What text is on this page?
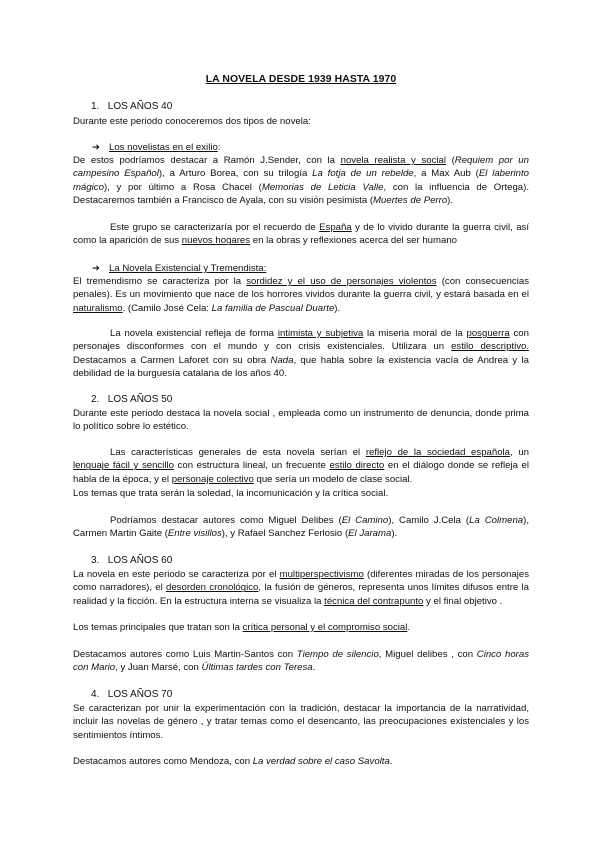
LA NOVELA DESDE 1939 HASTA 1970
1. LOS AÑOS 40
Durante este periodo conoceremos dos tipos de novela:
➔ Los novelistas en el exilio:
De estos podríamos destacar a Ramón J.Sender, con la novela realista y social (Requiem por un campesino Español), a Arturo Borea, con su trilogía La fotja de un rebelde, a Max Aub (El laberinto mágico), y por último a Rosa Chacel (Memorias de Leticia Valle, con la influencia de Ortega). Destacaremos también a Francisco de Ayala, con su visión pesimista (Muertes de Perro).
Este grupo se caracterizaría por el recuerdo de España y de lo vivido durante la guerra civil, así como la aparición de sus nuevos hogares en la obras y reflexiones acerca del ser humano
➔ La Novela Existencial y Tremendista:
El tremendismo se caracteriza por la sordidez y el uso de personajes violentos (con consecuencias penales). Es un movimiento que nace de los horrores vividos durante la guerra civil, y estará basada en el naturalismo. (Camilo José Cela: La familia de Pascual Duarte).
La novela existencial refleja de forma intimista y subjetiva la miseria moral de la posguerra con personajes disconformes con el mundo y con crisis existenciales. Utilizara un estilo descriptivo. Destacamos a Carmen Laforet con su obra Nada, que habla sobre la existencia vacía de Andrea y la debilidad de la burguesía catalana de los años 40.
2. LOS AÑOS 50
Durante este periodo destaca la novela social , empleada como un instrumento de denuncia, donde prima lo político sobre lo estético.

Las características generales de esta novela serían el reflejo de la sociedad española, un lenguaje fácil y sencillo con estructura lineal, un frecuente estilo directo en el diálogo donde se refleja el habla de la época, y el personaje colectivo que sería un modelo de clase social.

Los temas que trata serán la soledad, la incomunicación y la crítica social.
Podríamos destacar autores como Miguel Delibes (El Camino), Camilo J.Cela (La Colmena), Carmen Martin Gaite (Entre visillos), y Rafael Sanchez Ferlosio (El Jarama).
3. LOS AÑOS 60
La novela en este periodo se caracteriza por el multiperspectivismo (diferentes miradas de los personajes como narradores), el desorden cronológico, la fusión de géneros, representa unos límites difusos entre la realidad y la ficción. En la estructura interna se visualiza la técnica del contrapunto y el final objetivo .
Los temas principales que tratan son la crítica personal y el compromiso social.
Destacamos autores como Luis Martin-Santos con Tiempo de silencio, Miguel delibes , con Cinco horas con Mario, y Juan Marsé, con Últimas tardes con Teresa.
4. LOS AÑOS 70
Se caracterizan por unir la experimentación con la tradición, destacar la importancia de la narratividad, incluir las novelas de género , y tratar temas como el desencanto, las preocupaciones existenciales y los sentimientos íntimos.
Destacamos autores como Mendoza, con La verdad sobre el caso Savolta.
